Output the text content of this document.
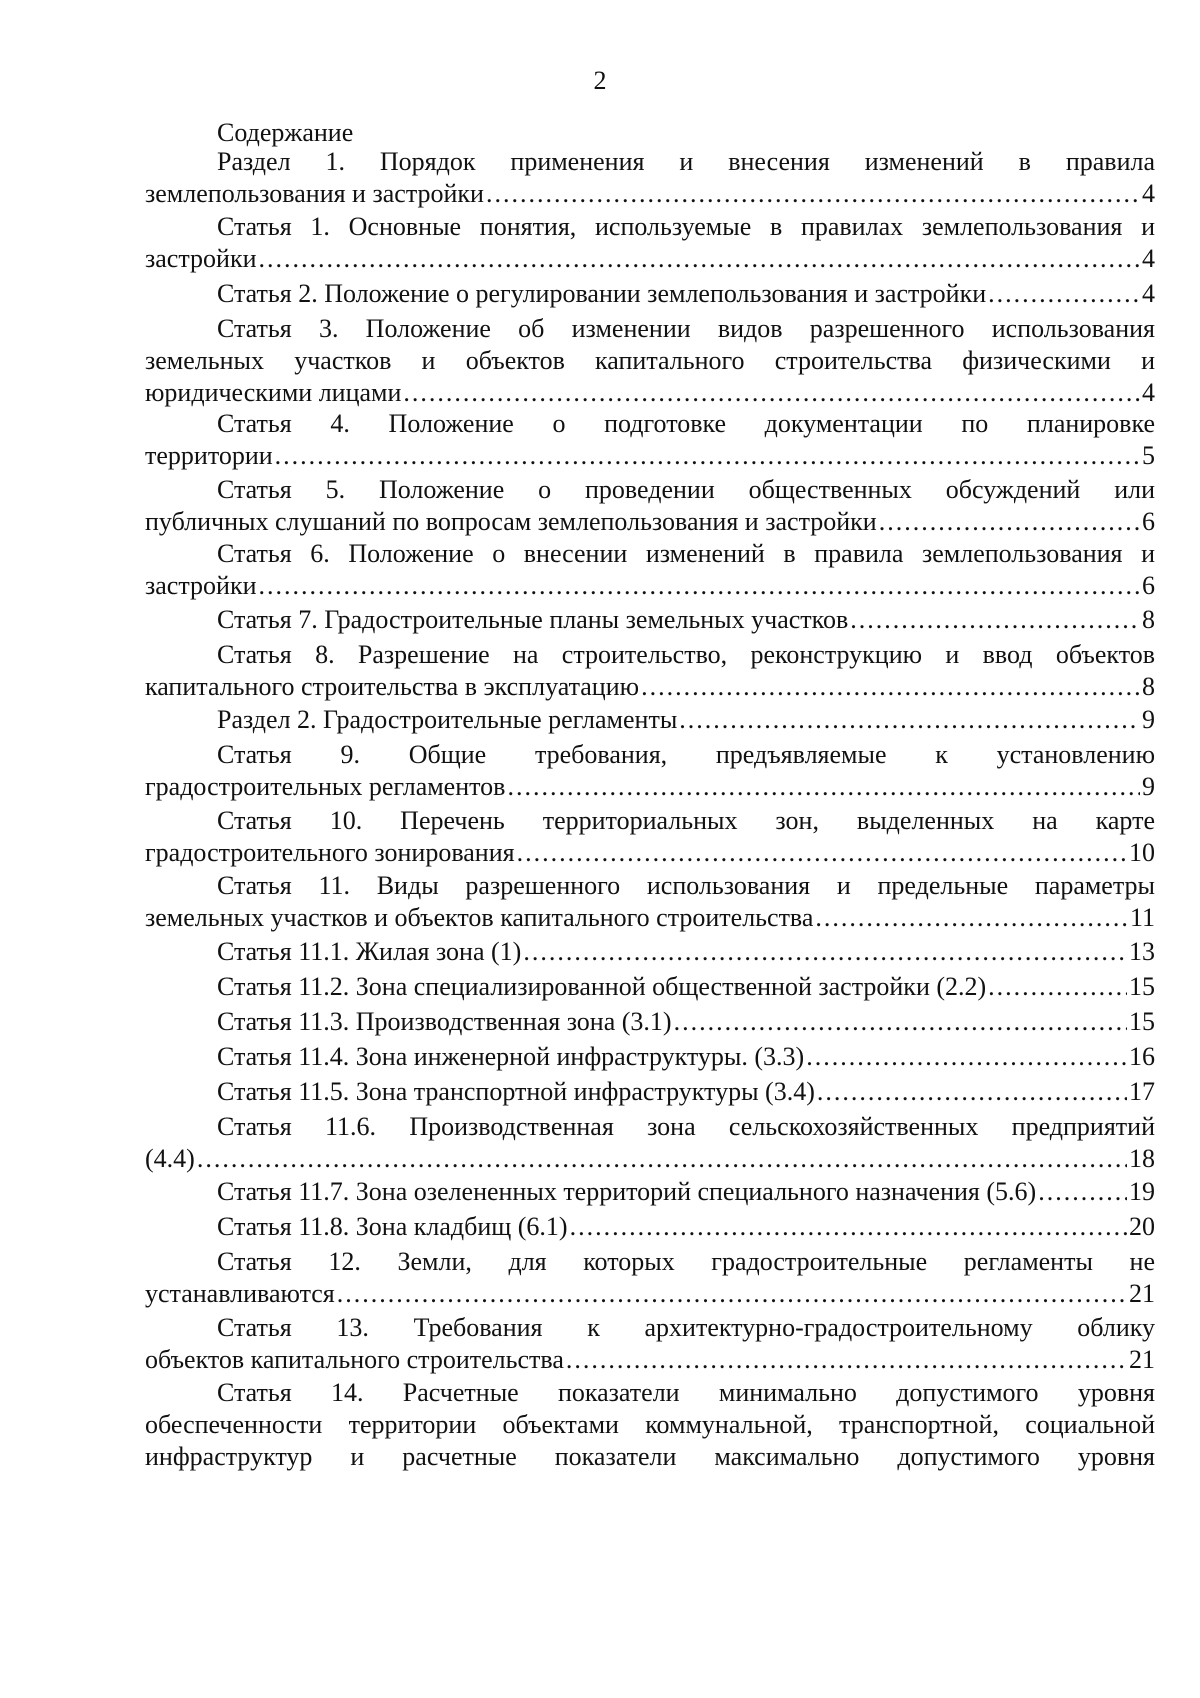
2
Содержание
Раздел 1. Порядок применения и внесения изменений в правила
землепользования и застройки .....	4
Статья 1. Основные понятия, используемые в правилах землепользования и
застройки .....	4
Статья 2. Положение о регулировании землепользования и застройки .....	4
Статья 3. Положение об изменении видов разрешенного использования
земельных участков и объектов капитального строительства физическими и
юридическими лицами .....	4
Статья 4. Положение о подготовке документации по планировке
территории .....	5
Статья 5. Положение о проведении общественных обсуждений или
публичных слушаний по вопросам землепользования и застройки .....	6
Статья 6. Положение о внесении изменений в правила землепользования и
застройки .....	6
Статья 7. Градостроительные планы земельных участков .....	8
Статья 8. Разрешение на строительство, реконструкцию и ввод объектов
капитального строительства в эксплуатацию .....	8
Раздел 2. Градостроительные регламенты .....	9
Статья 9. Общие требования, предъявляемые к установлению
градостроительных регламентов .....	9
Статья 10. Перечень территориальных зон, выделенных на карте
градостроительного зонирования .....	10
Статья 11. Виды разрешенного использования и предельные параметры
земельных участков и объектов капитального строительства .....	11
Статья 11.1. Жилая зона (1) .....	13
Статья 11.2. Зона специализированной общественной застройки (2.2) .....	15
Статья 11.3. Производственная зона (3.1) .....	15
Статья 11.4. Зона инженерной инфраструктуры. (3.3) .....	16
Статья 11.5. Зона транспортной инфраструктуры (3.4) .....	17
Статья 11.6. Производственная зона сельскохозяйственных предприятий
(4.4) .....	18
Статья 11.7. Зона озелененных территорий специального назначения (5.6) .....	19
Статья 11.8. Зона кладбищ (6.1) .....	20
Статья 12. Земли, для которых градостроительные регламенты не
устанавливаются .....	21
Статья 13. Требования к архитектурно-градостроительному облику
объектов капитального строительства .....	21
Статья 14. Расчетные показатели минимально допустимого уровня
обеспеченности территории объектами коммунальной, транспортной, социальной
инфраструктур и расчетные показатели максимально допустимого уровня
